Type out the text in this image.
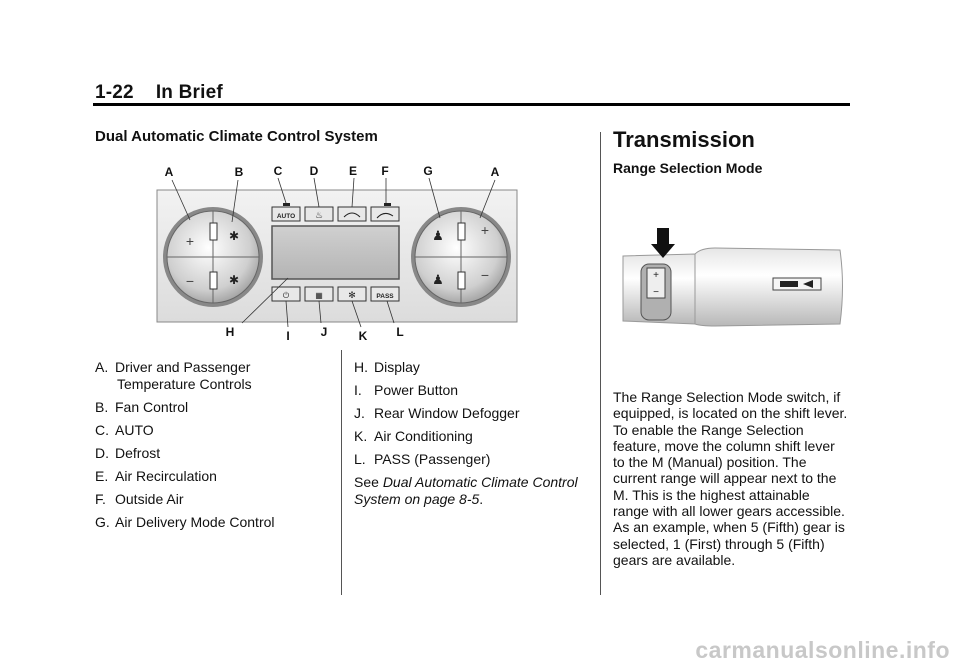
1-22 In Brief
Dual Automatic Climate Control System
+
−
✱
✱
+
−
♟
♟
AUTO ♨
⏻	▦	✻	PASS
A	B	C D	E F	G	A
H	I	J	K L
A. Driver and Passenger
Temperature Controls
B. Fan Control
C. AUTO
D. Defrost
E. Air Recirculation
F. Outside Air
G. Air Delivery Mode Control
H. Display
I. Power Button
J. Rear Window Defogger
K. Air Conditioning
L. PASS (Passenger)
See Dual Automatic Climate Control System on page 8-5.
Transmission
Range Selection Mode
+
−
The Range Selection Mode switch, if equipped, is located on the shift lever. To enable the Range Selection feature, move the column shift lever to the M (Manual) position. The current range will appear next to the M. This is the highest attainable range with all lower gears accessible. As an example, when 5 (Fifth) gear is selected, 1 (First) through 5 (Fifth) gears are available.
carmanualsonline.info
